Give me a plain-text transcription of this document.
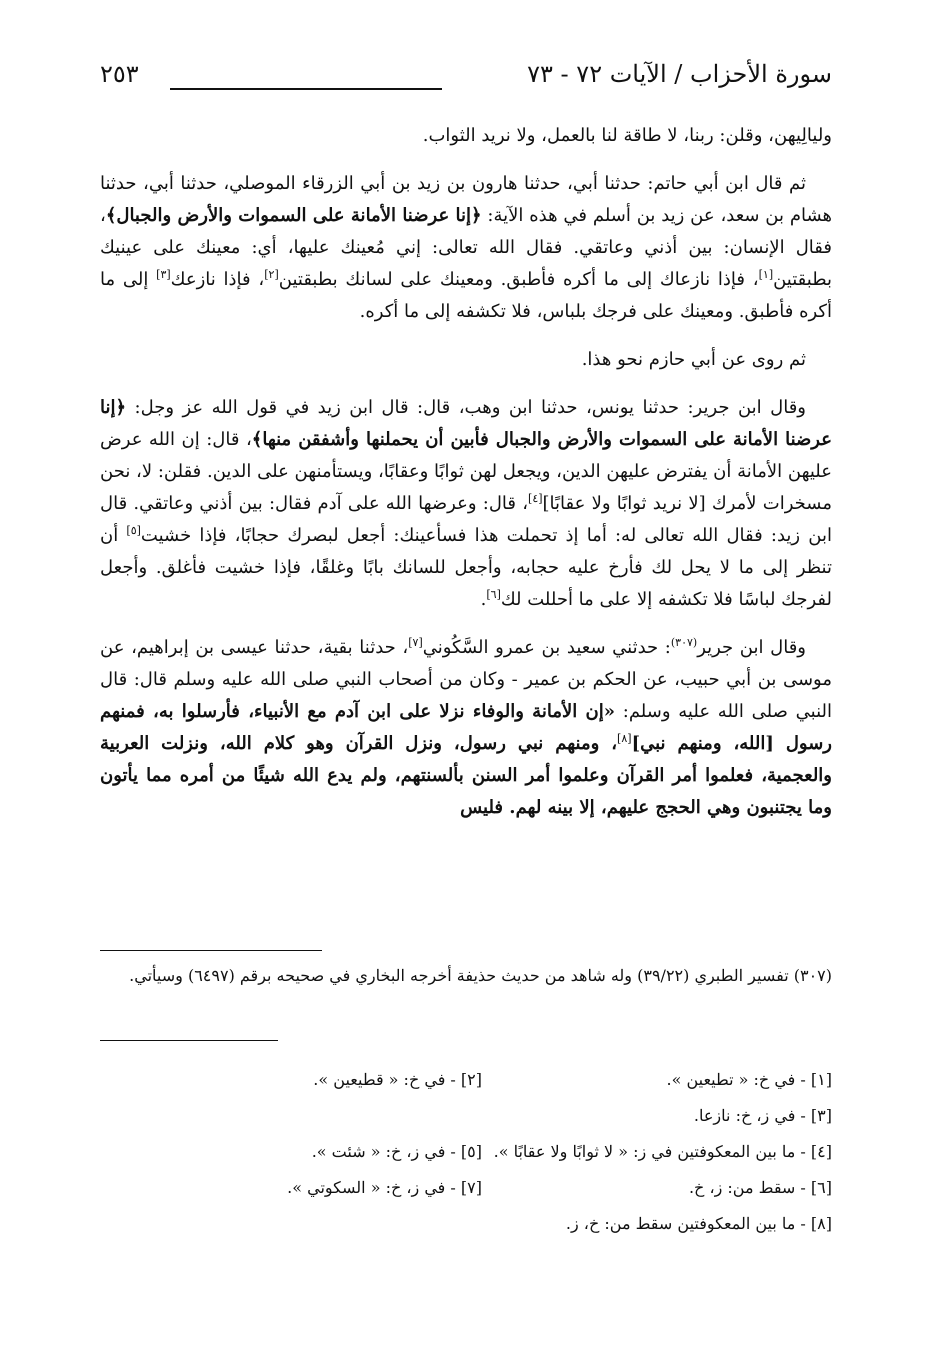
سورة الأحزاب / الآيات ٧٢ - ٧٣
٢٥٣

وليالِيهن، وقلن: ربنا، لا طاقة لنا بالعمل، ولا نريد الثواب.

ثم قال ابن أبي حاتم: حدثنا أبي، حدثنا هارون بن زيد بن أبي الزرقاء الموصلي، حدثنا أبي، حدثنا هشام بن سعد، عن زيد بن أسلم في هذه الآية: ﴿إنا عرضنا الأمانة على السموات والأرض والجبال﴾، فقال الإنسان: بين أذني وعاتقي. فقال الله تعالى: إني مُعينك عليها، أي: معينك على عينيك بطبقتين[١]، فإذا نازعاك إلى ما أكره فأطبق. ومعينك على لسانك بطبقتين[٢]، فإذا نازعك[٣] إلى ما أكره فأطبق. ومعينك على فرجك بلباس، فلا تكشفه إلى ما أكره.

ثم روى عن أبي حازم نحو هذا.

وقال ابن جرير: حدثنا يونس، حدثنا ابن وهب، قال: قال ابن زيد في قول الله عز وجل: ﴿إنا عرضنا الأمانة على السموات والأرض والجبال فأبين أن يحملنها وأشفقن منها﴾، قال: إن الله عرض عليهن الأمانة أن يفترض عليهن الدين، ويجعل لهن ثوابًا وعقابًا، ويستأمنهن على الدين. فقلن: لا، نحن مسخرات لأمرك [لا نريد ثوابًا ولا عقابًا][٤]، قال: وعرضها الله على آدم فقال: بين أذني وعاتقي. قال ابن زيد: فقال الله تعالى له: أما إذ تحملت هذا فسأعينك: أجعل لبصرك حجابًا، فإذا خشيت[٥] أن تنظر إلى ما لا يحل لك فأرخ عليه حجابه، وأجعل للسانك بابًا وغلقًا، فإذا خشيت فأغلق. وأجعل لفرجك لباسًا فلا تكشفه إلا على ما أحللت لك[٦].

وقال ابن جرير$^{(٣٠٧)}$: حدثني سعيد بن عمرو السَّكُوني[٧]، حدثنا بقية، حدثنا عيسى بن إبراهيم، عن موسى بن أبي حبيب، عن الحكم بن عمير - وكان من أصحاب النبي صلى الله عليه وسلم قال: قال النبي صلى الله عليه وسلم: «إن الأمانة والوفاء نزلا على ابن آدم مع الأنبياء، فأرسلوا به، فمنهم رسول [الله، ومنهم نبي][٨]، ومنهم نبي رسول، ونزل القرآن وهو كلام الله، ونزلت العربية والعجمية، فعلموا أمر القرآن وعلموا أمر السنن بألسنتهم، ولم يدع الله شيئًا من أمره مما يأتون وما يجتنبون وهي الحجج عليهم، إلا بينه لهم. فليس

(٣٠٧) تفسير الطبري (٣٩/٢٢) وله شاهد من حديث حذيفة أخرجه البخاري في صحيحه برقم (٦٤٩٧) وسيأتي.
[١] - في خ: « تطيعين ».
[٢] - في خ: « قطيعين ».
[٣] - في ز، خ: نازعا.
[٤] - ما بين المعكوفتين في ز: « لا ثوابًا ولا عقابًا ».
[٥] - في ز، خ: « شئت ».
[٦] - سقط من: ز، خ.
[٧] - في ز، خ: « السكوتي ».
[٨] - ما بين المعكوفتين سقط من: خ، ز.
